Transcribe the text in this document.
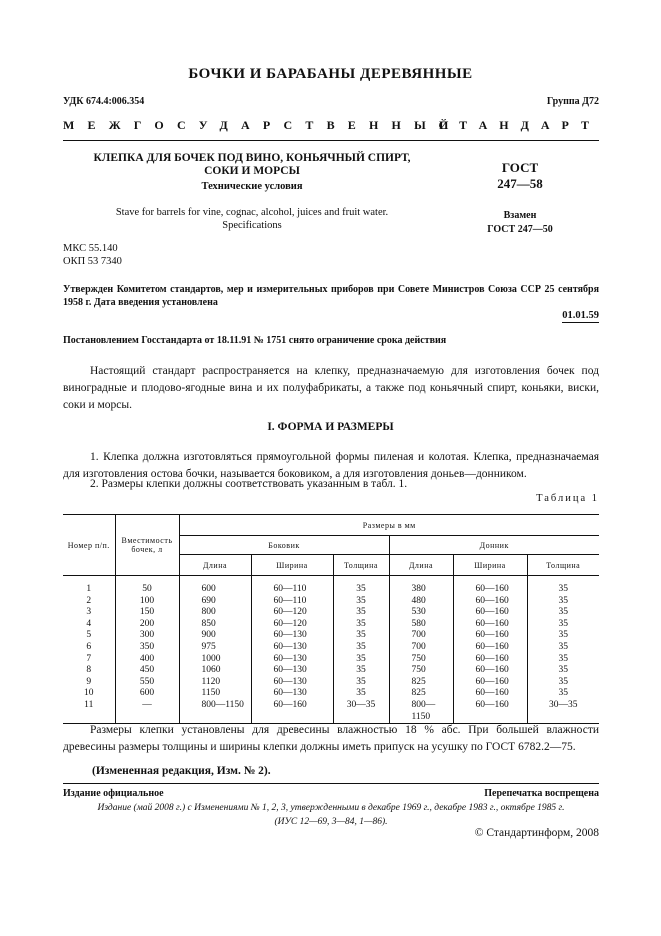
БОЧКИ И БАРАБАНЫ ДЕРЕВЯННЫЕ
УДК 674.4:006.354	Группа Д72
МЕЖГОСУДАРСТВЕННЫЙ
СТАНДАРТ
КЛЕПКА ДЛЯ БОЧЕК ПОД ВИНО, КОНЬЯЧНЫЙ СПИРТ,
СОКИ И МОРСЫ
Технические условия
Stave for barrels for vine, cognac, alcohol, juices and fruit water.
Specifications
ГОСТ
247—58
Взамен
ГОСТ 247—50
МКС 55.140
ОКП 53 7340
Утвержден Комитетом стандартов, мер и измерительных приборов при Совете Министров Союза ССР 25 сентября 1958 г. Дата введения установлена
01.01.59
Постановлением Госстандарта от 18.11.91 № 1751 снято ограничение срока действия

Настоящий стандарт распространяется на клепку, предназначаемую для изготовления бочек под виноградные и плодово-ягодные вина и их полуфабрикаты, а также под коньячный спирт, коньяки, виски, соки и морсы.

I. ФОРМА И РАЗМЕРЫ

1. Клепка должна изготовляться прямоугольной формы пиленая и колотая. Клепка, предназначаемая для изготовления остова бочки, называется боковиком, а для изготовления доньев—донником.

2. Размеры клепки должны соответствовать указанным в табл. 1.

Таблица 1
Номер п/п.	Вместимость бочек, л	Размеры в мм					
		Боковик			Донник		
		Длина	Ширина	Толщина	Длина	Ширина	Толщина
1	50	600	60—110	35	380	60—160	35
2	100	690	60—110	35	480	60—160	35
3	150	800	60—120	35	530	60—160	35
4	200	850	60—120	35	580	60—160	35
5	300	900	60—130	35	700	60—160	35
6	350	975	60—130	35	700	60—160	35
7	400	1000	60—130	35	750	60—160	35
8	450	1060	60—130	35	750	60—160	35
9	550	1120	60—130	35	825	60—160	35
10	600	1150	60—130	35	825	60—160	35
11	—	800—1150	60—160	30—35	800—1150	60—160	30—35

Размеры клепки установлены для древесины влажностью 18 % абс. При большей влажности древесины размеры толщины и ширины клепки должны иметь припуск на усушку по ГОСТ 6782.2—75.

(Измененная редакция, Изм. № 2).
Издание официальное	Перепечатка воспрещена
Издание (май 2008 г.) с Изменениями № 1, 2, 3, утвержденными в декабре 1969 г., декабре 1983 г., октябре 1985 г.
(ИУС 12—69, 3—84, 1—86).
© Стандартинформ, 2008
